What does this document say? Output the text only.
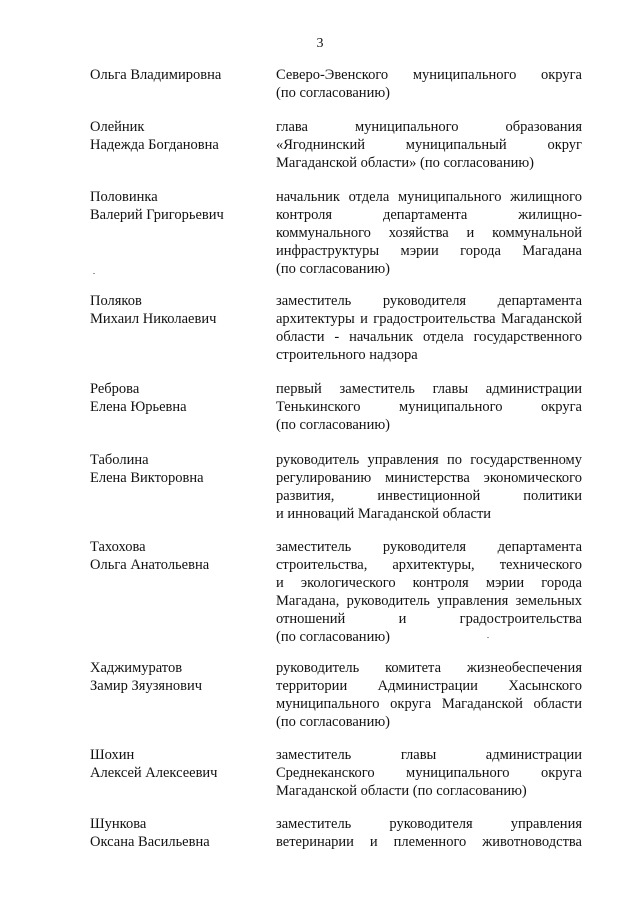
3
Ольга Владимировна	Северо-Эвенского муниципального округа
(по согласованию)
Олейник
Надежда Богдановна
глава муниципального образования
«Ягоднинский муниципальный округ
Магаданской области» (по согласованию)
Половинка
Валерий Григорьевич
начальник отдела муниципального жилищного
контроля департамента жилищно-
коммунального хозяйства и коммунальной
инфраструктуры мэрии города Магадана
(по согласованию)
Поляков
Михаил Николаевич
заместитель руководителя департамента
архитектуры и градостроительства Магаданской
области - начальник отдела государственного
строительного надзора
Реброва
Елена Юрьевна
первый заместитель главы администрации
Тенькинского муниципального округа
(по согласованию)
Таболина
Елена Викторовна
руководитель управления по государственному
регулированию министерства экономического
развития, инвестиционной политики
и инноваций Магаданской области
Тахохова
Ольга Анатольевна
заместитель руководителя департамента
строительства, архитектуры, технического
и экологического контроля мэрии города
Магадана, руководитель управления земельных
отношений и градостроительства
(по согласованию)
Хаджимуратов
Замир Зяузянович
руководитель комитета жизнеобеспечения
территории Администрации Хасынского
муниципального округа Магаданской области
(по согласованию)
Шохин
Алексей Алексеевич
заместитель главы администрации
Среднеканского муниципального округа
Магаданской области (по согласованию)
Шункова
Оксана Васильевна
заместитель руководителя управления
ветеринарии и племенного животноводства
